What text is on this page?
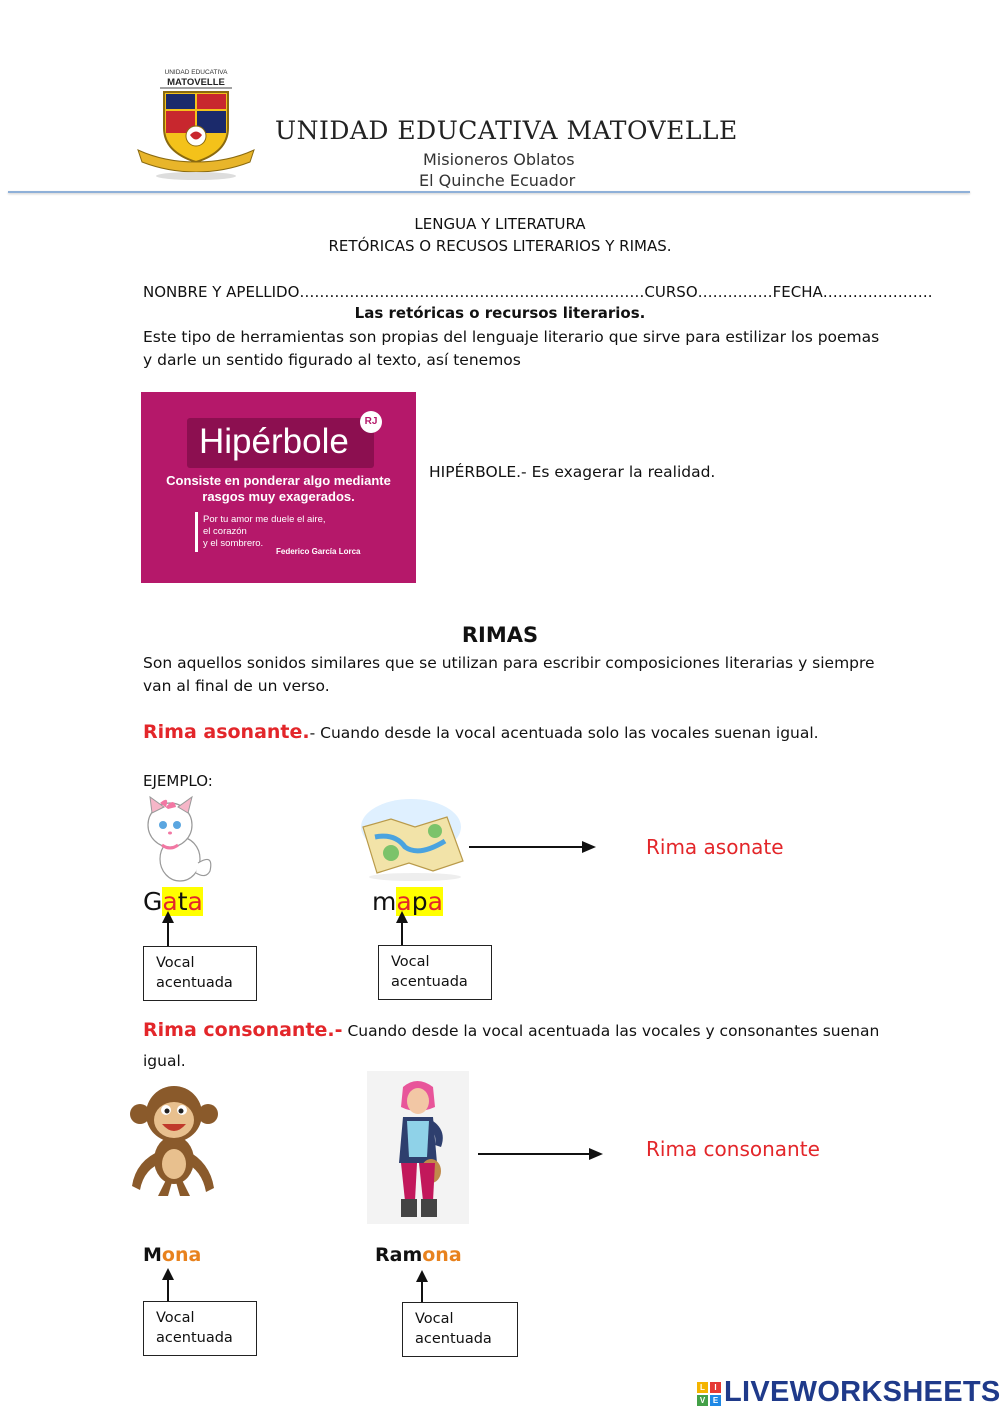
UNIDAD EDUCATIVA
MATOVELLE
UNIDAD EDUCATIVA MATOVELLE
Misioneros Oblatos
El Quinche Ecuador
LENGUA Y LITERATURA
RETÓRICAS O RECUSOS LITERARIOS Y RIMAS.
NONBRE Y APELLIDO……………………………………………………………CURSO……………FECHA………………….
Las retóricas o recursos literarios.
Este tipo de herramientas son propias del lenguaje literario que sirve para estilizar los poemas
y darle un sentido figurado al texto, así tenemos
Hipérbole
RJ
Consiste en ponderar algo mediante
rasgos muy exagerados.
Por tu amor me duele el aire,
el corazón
y el sombrero.
Federico García Lorca
HIPÉRBOLE.- Es exagerar la realidad.
RIMAS
Son aquellos sonidos similares que se utilizan para escribir composiciones literarias y siempre
van al final de un verso.
Rima asonante.- Cuando desde la vocal acentuada solo las vocales suenan igual.
EJEMPLO:
Rima asonate
Gata	mapa
Vocal
acentuada
Vocal
acentuada
Rima consonante.- Cuando desde la vocal acentuada las vocales y consonantes suenan
igual.
Rima consonante
Mona	Ramona
Vocal
acentuada
Vocal
acentuada
L	I
V E LIVEWORKSHEETS
